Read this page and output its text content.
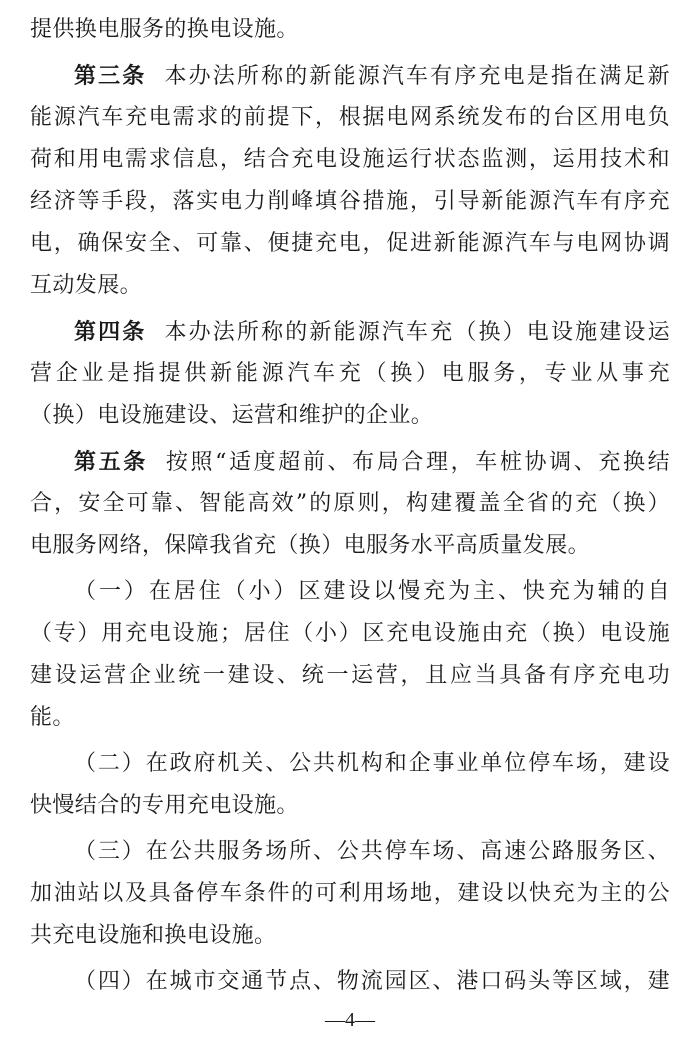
提供换电服务的换电设施。
第三条 本办法所称的新能源汽车有序充电是指在满足新
能源汽车充电需求的前提下，根据电网系统发布的台区用电负
荷和用电需求信息，结合充电设施运行状态监测，运用技术和
经济等手段，落实电力削峰填谷措施，引导新能源汽车有序充
电，确保安全、可靠、便捷充电，促进新能源汽车与电网协调
互动发展。
第四条 本办法所称的新能源汽车充（换）电设施建设运
营企业是指提供新能源汽车充（换）电服务，专业从事充
（换）电设施建设、运营和维护的企业。
第五条 按照“适度超前、布局合理，车桩协调、充换结
合，安全可靠、智能高效”的原则，构建覆盖全省的充（换）
电服务网络，保障我省充（换）电服务水平高质量发展。
（一）在居住（小）区建设以慢充为主、快充为辅的自
（专）用充电设施；居住（小）区充电设施由充（换）电设施
建设运营企业统一建设、统一运营，且应当具备有序充电功
能。
（二）在政府机关、公共机构和企事业单位停车场，建设
快慢结合的专用充电设施。
（三）在公共服务场所、公共停车场、高速公路服务区、
加油站以及具备停车条件的可利用场地，建设以快充为主的公
共充电设施和换电设施。
（四）在城市交通节点、物流园区、港口码头等区域，建
—4—
